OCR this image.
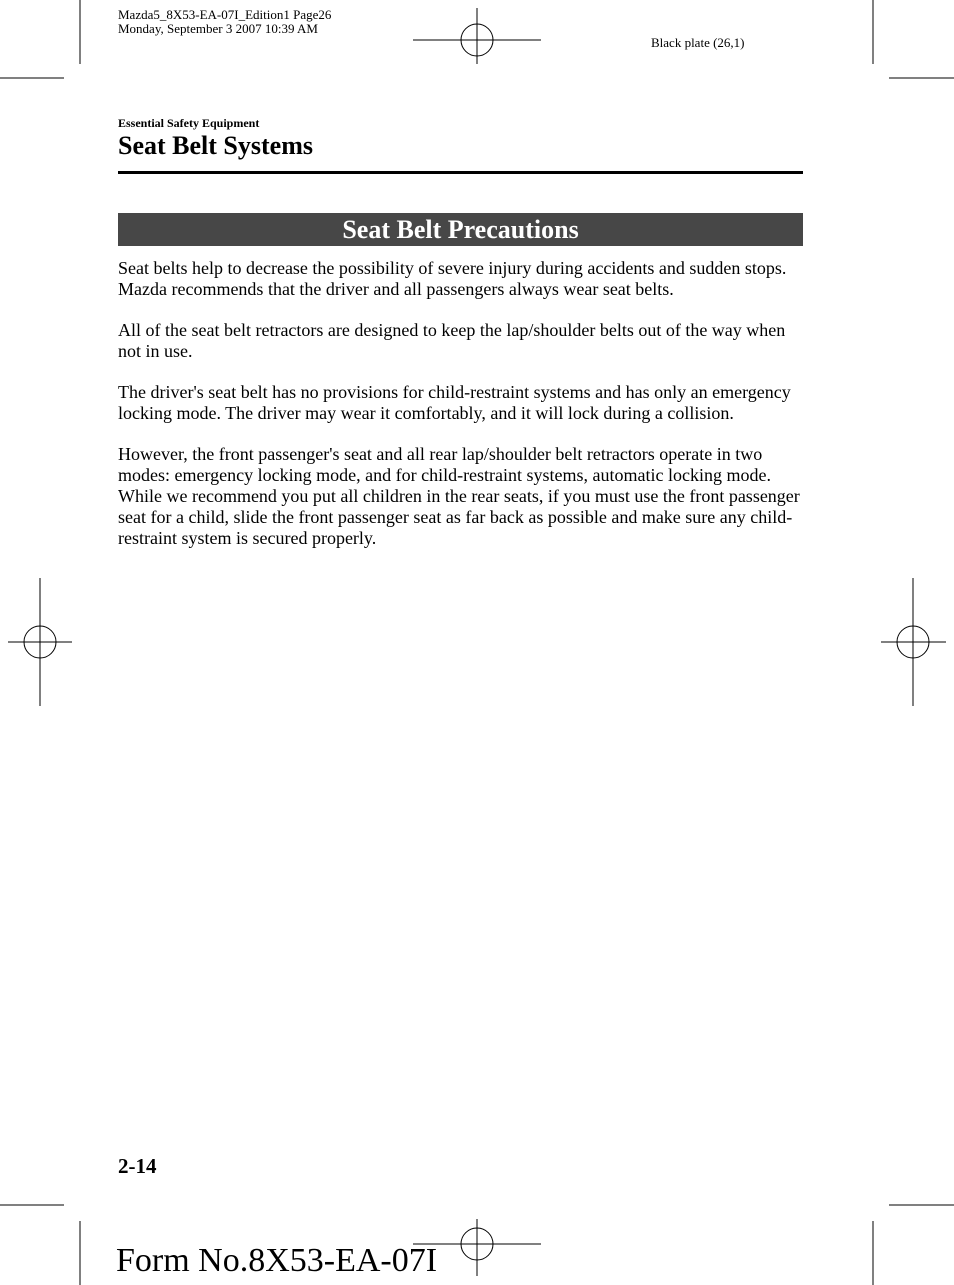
Mazda5_8X53-EA-07I_Edition1 Page26
Monday, September 3 2007 10:39 AM
Black plate (26,1)
Essential Safety Equipment
Seat Belt Systems
Seat Belt Precautions

Seat belts help to decrease the possibility of severe injury during accidents and sudden stops. Mazda recommends that the driver and all passengers always wear seat belts.

All of the seat belt retractors are designed to keep the lap/shoulder belts out of the way when not in use.

The driver's seat belt has no provisions for child-restraint systems and has only an emergency locking mode. The driver may wear it comfortably, and it will lock during a collision.

However, the front passenger's seat and all rear lap/shoulder belt retractors operate in two modes: emergency locking mode, and for child-restraint systems, automatic locking mode. While we recommend you put all children in the rear seats, if you must use the front passenger seat for a child, slide the front passenger seat as far back as possible and make sure any child-restraint system is secured properly.

2-14
Form No.8X53-EA-07I
